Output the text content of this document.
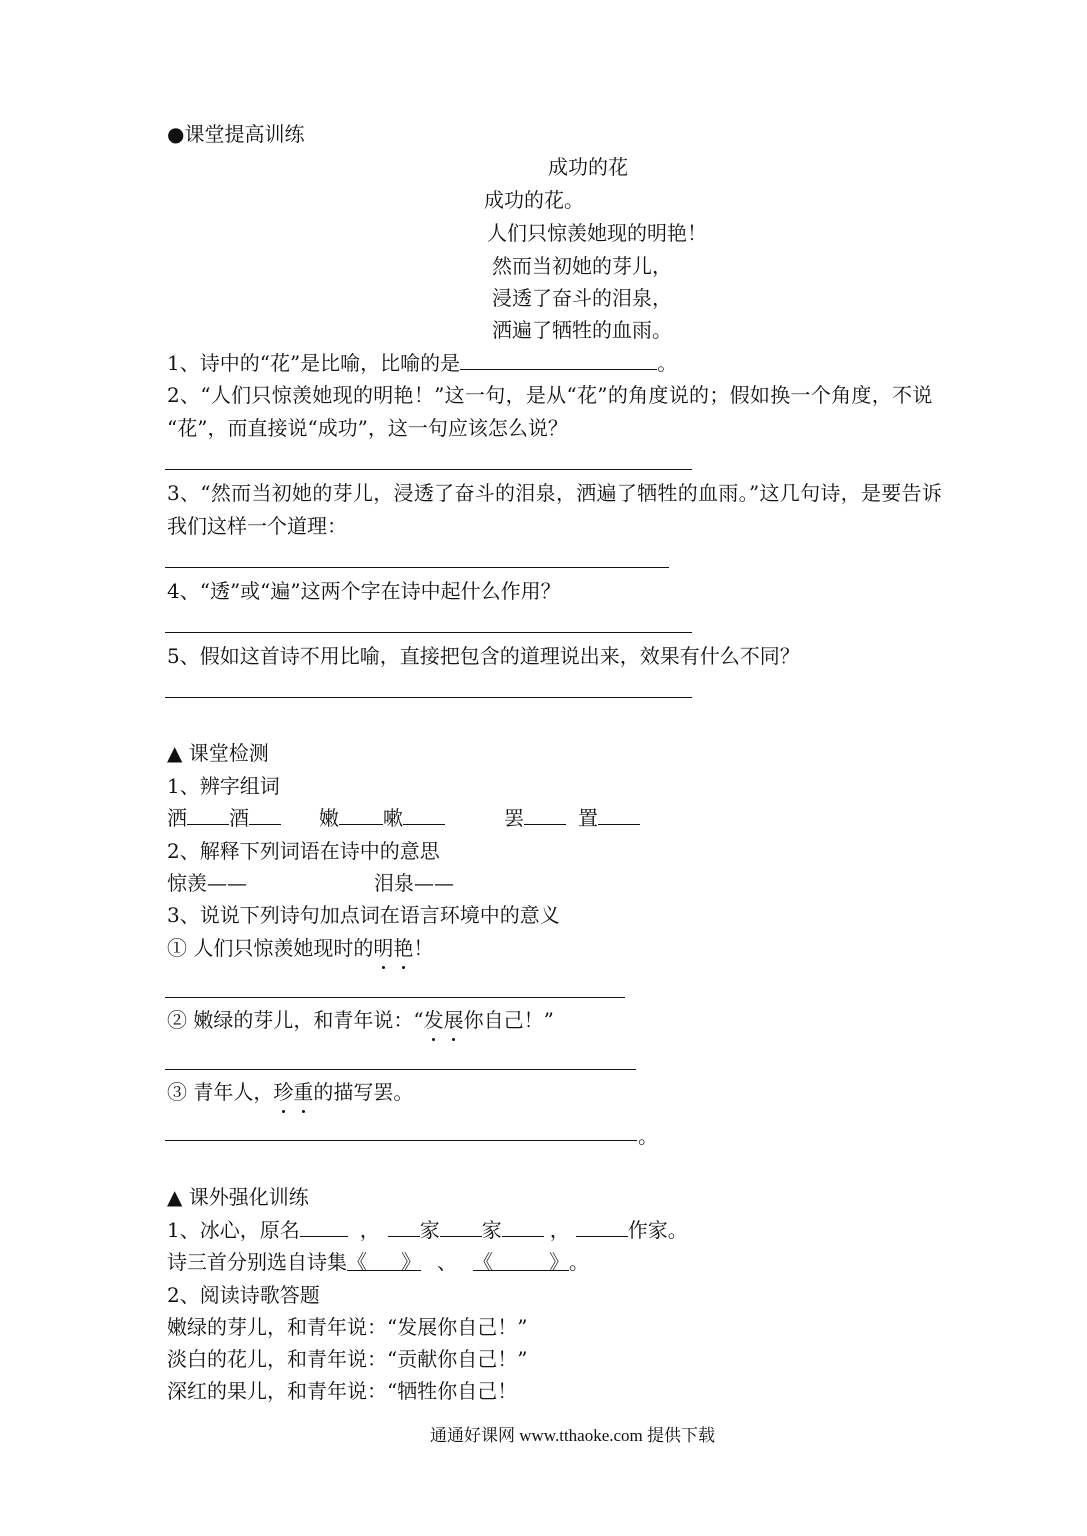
●课堂提高训练
成功的花
成功的花。
人们只惊羡她现的明艳！
然而当初她的芽儿，
浸透了奋斗的泪泉，
洒遍了牺牲的血雨。
1、诗中的“花”是比喻，比喻的是	。
2、“人们只惊羡她现的明艳！”这一句，是从“花”的角度说的；假如换一个角度，不说
“花”，而直接说“成功”，这一句应该怎么说？
3、“然而当初她的芽儿，浸透了奋斗的泪泉，洒遍了牺牲的血雨。”这几句诗，是要告诉
我们这样一个道理：
4、“透”或“遍”这两个字在诗中起什么作用？
5、假如这首诗不用比喻，直接把包含的道理说出来，效果有什么不同？
▲ 课堂检测
1、辨字组词
洒 酒	嫩 嗽	罢	置
2、解释下列词语在诗中的意思
惊羡——	泪泉——
3、说说下列诗句加点词在语言环境中的意义
① 人们只惊羡她现时的明艳！
② 嫩绿的芽儿，和青年说：“发展你自己！”
③ 青年人，珍重的描写罢。
。
▲ 课外强化训练
1、冰心，原名	， 家 家 ，	作家。
诗三首分别选自诗集《 》 、 《	》。
2、阅读诗歌答题
嫩绿的芽儿，和青年说：“发展你自己！”
淡白的花儿，和青年说：“贡献你自己！”
深红的果儿，和青年说：“牺牲你自己！
通通好课网 www.tthaoke.com 提供下载
